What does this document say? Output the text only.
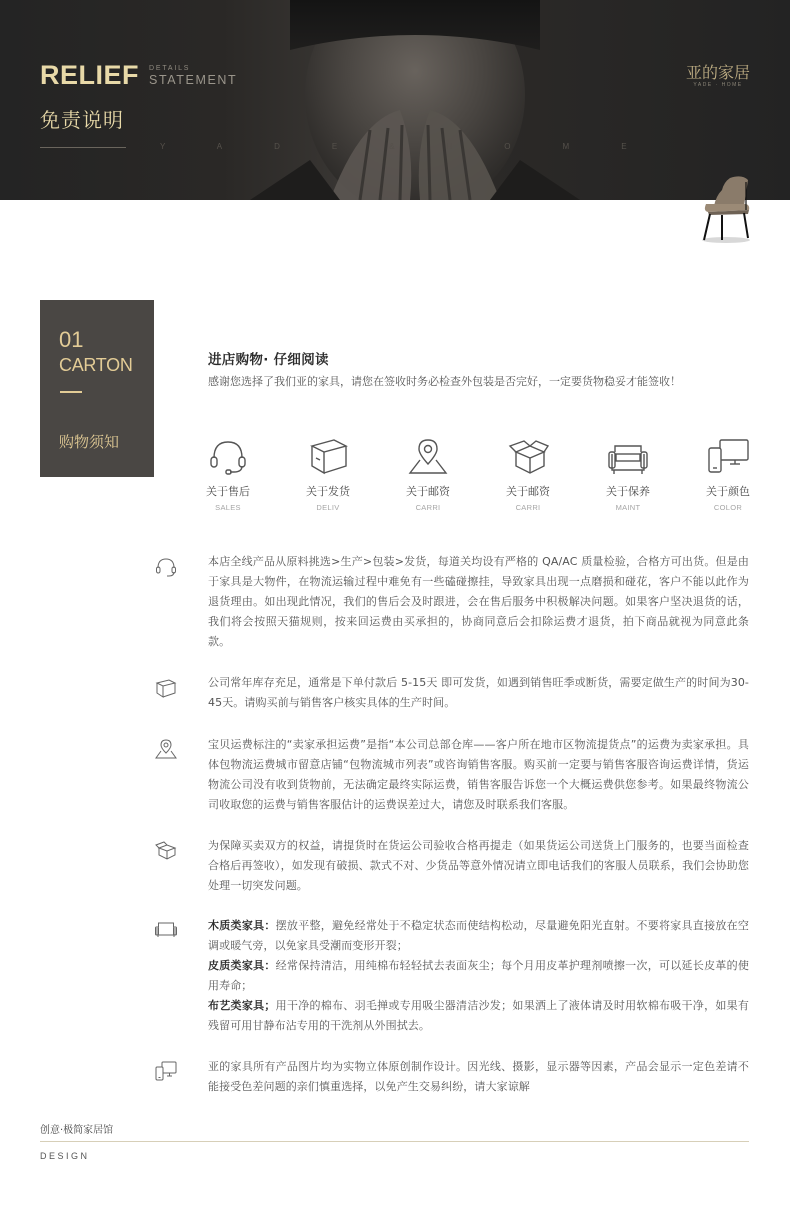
RELIEF DETAILS
STATEMENT
免责说明
YADE&HOME
亚的家居
YADE · HOME
01
CARTON
购物须知
进店购物· 仔细阅读
感谢您选择了我们亚的家具，请您在签收时务必检查外包装是否完好，一定要货物稳妥才能签收！
关于售后
SALES
关于发货
DELIV
关于邮资
CARRI
关于邮资
CARRI
关于保养
MAINT
关于颜色
COLOR
本店全线产品从原料挑选>生产>包装>发货，每道关均设有严格的 QA/AC 质量检验，合格方可出货。但是由于家具是大物件，在物流运输过程中难免有一些磕碰擦挂，导致家具出现一点磨损和碰花，客户不能以此作为退货理由。如出现此情况，我们的售后会及时跟进，会在售后服务中积极解决问题。如果客户坚决退货的话，我们将会按照天猫规则，按来回运费由买承担的，协商同意后会扣除运费才退货，拍下商品就视为同意此条款。
公司常年库存充足，通常是下单付款后 5-15天 即可发货，如遇到销售旺季或断货，需要定做生产的时间为30-45天。请购买前与销售客户核实具体的生产时间。
宝贝运费标注的“卖家承担运费”是指“本公司总部仓库——客户所在地市区物流提货点”的运费为卖家承担。具体包物流运费城市留意店铺“包物流城市列表”或咨询销售客服。购买前一定要与销售客服咨询运费详情，货运物流公司没有收到货物前，无法确定最终实际运费，销售客服告诉您一个大概运费供您参考。如果最终物流公司收取您的运费与销售客服估计的运费误差过大，请您及时联系我们客服。
为保障买卖双方的权益，请提货时在货运公司验收合格再提走（如果货运公司送货上门服务的，也要当面检查合格后再签收），如发现有破损、款式不对、少货品等意外情况请立即电话我们的客服人员联系，我们会协助您处理一切突发问题。
木质类家具：摆放平整，避免经常处于不稳定状态而使结构松动，尽量避免阳光直射。不要将家具直接放在空调或暖气旁，以免家具受潮而变形开裂；
皮质类家具：经常保持清洁，用纯棉布轻轻拭去表面灰尘；每个月用皮革护理剂喷擦一次，可以延长皮革的使用寿命；
布艺类家具；用干净的棉布、羽毛掸或专用吸尘器清洁沙发；如果洒上了液体请及时用软棉布吸干净，如果有残留可用甘静布沾专用的干洗剂从外围拭去。
亚的家具所有产品图片均为实物立体原创制作设计。因光线、摄影，显示器等因素，产品会显示一定色差请不能接受色差问题的亲们慎重选择，以免产生交易纠纷，请大家谅解
创意·极简家居馆
DESIGN
